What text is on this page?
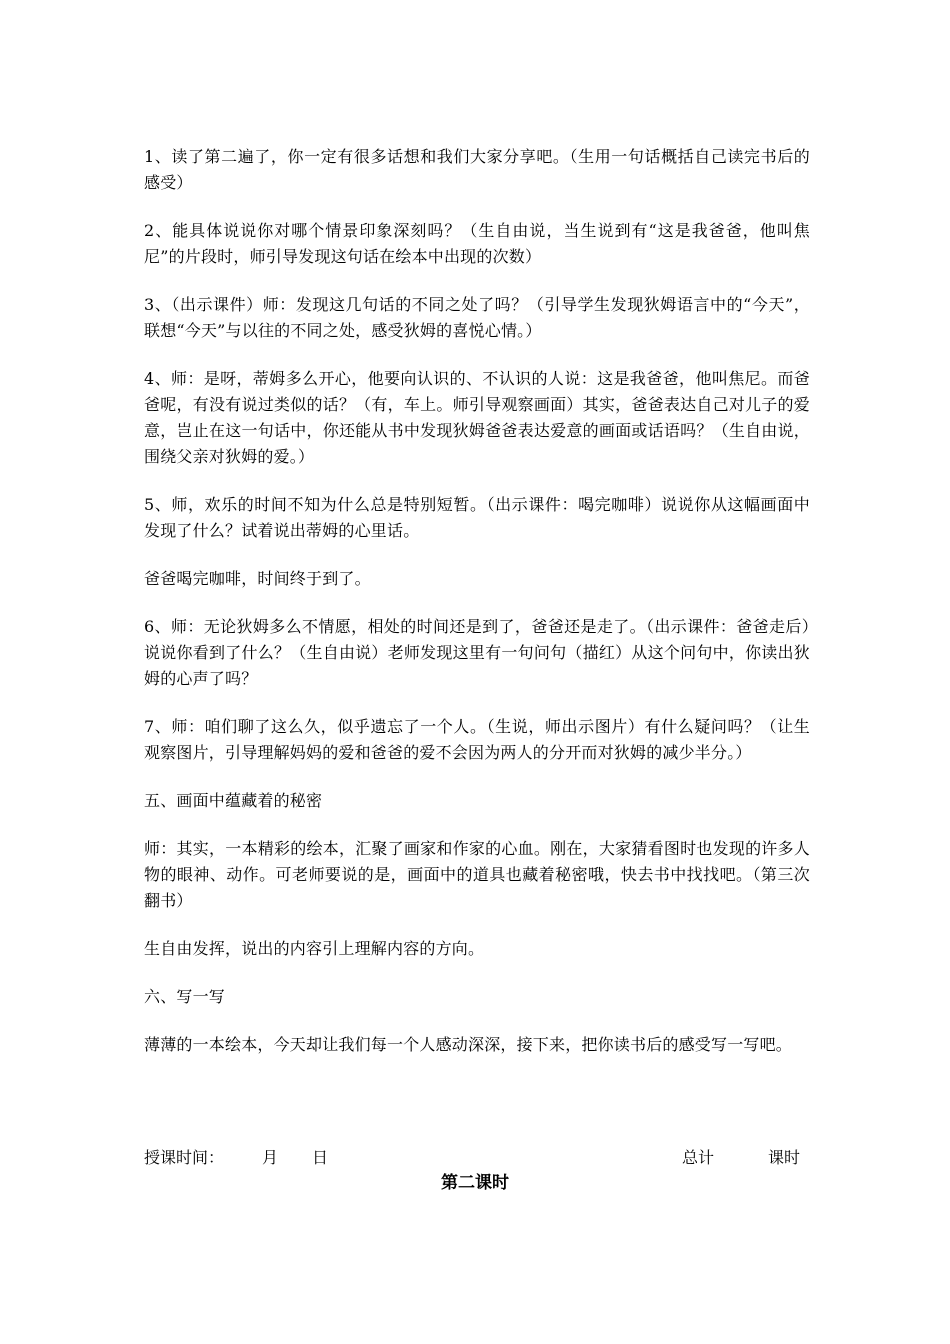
1、读了第二遍了，你一定有很多话想和我们大家分享吧。（生用一句话概括自己读完书后的感受）

2、能具体说说你对哪个情景印象深刻吗？（生自由说，当生说到有“这是我爸爸，他叫焦尼”的片段时，师引导发现这句话在绘本中出现的次数）

3、（出示课件）师：发现这几句话的不同之处了吗？（引导学生发现狄姆语言中的“今天”，联想“今天”与以往的不同之处，感受狄姆的喜悦心情。）

4、师：是呀，蒂姆多么开心，他要向认识的、不认识的人说：这是我爸爸，他叫焦尼。而爸爸呢，有没有说过类似的话？（有，车上。师引导观察画面）其实，爸爸表达自己对儿子的爱意，岂止在这一句话中，你还能从书中发现狄姆爸爸表达爱意的画面或话语吗？（生自由说，围绕父亲对狄姆的爱。）

5、师，欢乐的时间不知为什么总是特别短暂。（出示课件：喝完咖啡）说说你从这幅画面中发现了什么？试着说出蒂姆的心里话。

爸爸喝完咖啡，时间终于到了。

6、师：无论狄姆多么不情愿，相处的时间还是到了，爸爸还是走了。（出示课件：爸爸走后）说说你看到了什么？（生自由说）老师发现这里有一句问句（描红）从这个问句中，你读出狄姆的心声了吗？

7、师：咱们聊了这么久，似乎遗忘了一个人。（生说，师出示图片）有什么疑问吗？（让生观察图片，引导理解妈妈的爱和爸爸的爱不会因为两人的分开而对狄姆的减少半分。）

五、画面中蕴藏着的秘密

师：其实，一本精彩的绘本，汇聚了画家和作家的心血。刚在，大家猜看图时也发现的许多人物的眼神、动作。可老师要说的是，画面中的道具也藏着秘密哦，快去书中找找吧。（第三次翻书）

生自由发挥，说出的内容引上理解内容的方向。

六、写一写

薄薄的一本绘本，今天却让我们每一个人感动深深，接下来，把你读书后的感受写一写吧。

授课时间： 月 日	总计	课时
第二课时
